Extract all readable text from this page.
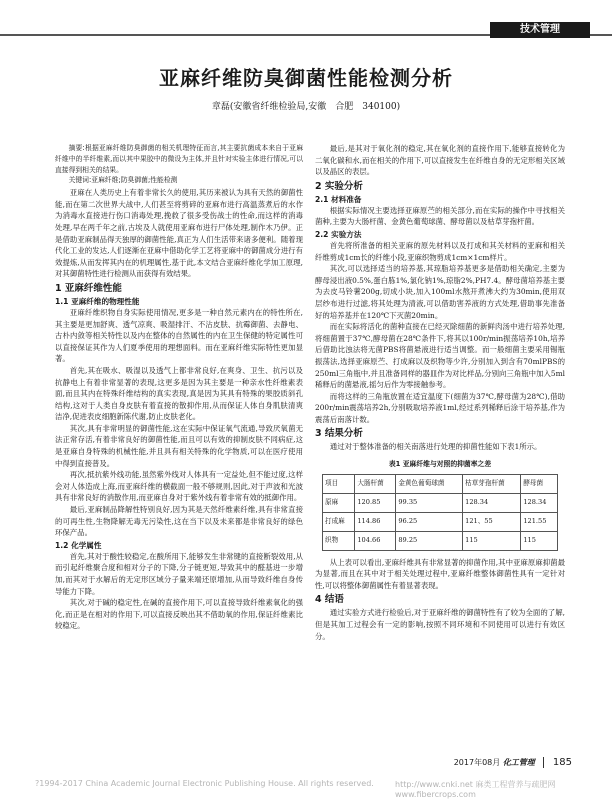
技术管理
亚麻纤维防臭御菌性能检测分析
章磊(安徽省纤维检验局,安徽　合肥　340100)

摘要:根据亚麻纤维防臭御菌的相关机理特征而言,其主要抗菌成本来自于亚麻纤维中的半纤维素,而以其中果胶中的微设为主体,并且针对实验主体进行情况,可以直接得到相关的结果。

关键词:亚麻纤维;防臭御菌;性能检测

亚麻在人类历史上有着非常长久的使用,其历来被认为具有天然的御菌性能,而在第二次世界大战中,人们甚至将剪碎的亚麻布进行高温蒸煮后的水作为消毒水直接进行伤口消毒处理,挽救了很多受伤战士的性命,而这样的消毒处理,早在两千年之前,古埃及人就使用亚麻布进行尸体处理,制作木乃伊。正是借助亚麻制品得天独厚的御菌性能,真正为人们生活带来诸多便利。随着现代化工业的发达,人们逐渐在亚麻中借助化学工艺将亚麻中的御菌成分进行有效提炼,从而发挥其内在的机理属性,基于此,本文结合亚麻纤维化学加工原理,对其御菌特性进行检测从而获得有效结果。

1 亚麻纤维性能
1.1 亚麻纤维的物理性能

亚麻纤维织物自身实际使用情况,更多是一种自然元素内在的特性所在,其主要是更加舒爽、透气凉爽、吸湿排汗、不沾皮肤、抗霉御菌、去静电、古朴内敛等相关特性以及内在整体的自然属性的内在卫生保健的特定属性可以直接保证其作为人们夏季使用的理想面料。而在亚麻纤维实际特性更加显著。

首先,其在吸水、吸湿以及透气上都非常良好,在爽身、卫生、抗污以及抗静电上有着非常显著的表现,这更多是因为其主要是一种亲水性纤维素表面,而且其内在特殊纤维结构的真实表现,真是因为其具有特殊的果胶质斜孔结构,这对于人类自身皮肤有着直接的散抑作用,从而保证人体自身肌肤清爽洁净,促进表皮细胞新陈代谢,防止皮肤老化。

其次,具有非常明显的御菌性能,这在实际中保证氧气流通,导致厌氧菌无法正常存活,有着非常良好的御菌性能,而且可以有效的抑制皮肤不同病症,这是亚麻自身特殊的机械性能,并且具有相关特殊的化学物质,可以在医疗使用中得到直接普及。

再次,抵抗紫外线功能,虽然紫外线对人体具有一定益处,但不能过度,这样会对人体造成上海,而亚麻纤维的横截面一般不够规则,因此,对于声波和光波具有非常良好的消散作用,而亚麻自身对于紫外线有着非常有效的抵御作用。

最后,亚麻制品降解性特别良好,因为其是天然纤维素纤维,具有非常直接的可再生性,生物降解无毒无污染性,这在当下以及未来都是非常良好的绿色环保产品。

1.2 化学属性

首先,其对于酸性较稳定,在酸所用下,能够发生非常键的直接断裂效用,从而引起纤维聚合度和相对分子的下降,分子链更短,导致其中的醛基进一步增加,而其对于水解后的无定形区域分子量来端还原增加,从而导致纤维自身传导能力下降。

其次,对于碱的稳定性,在碱的直接作用下,可以直接导致纤维素氧化的强化,而正是在相对的作用下,可以直接反映出其不借助氧的作用,保证纤维素比较稳定。

最后,是其对于氧化剂的稳定,其在氧化剂的直接作用下,能够直接转化为二氧化碳和水,而在相关的作用下,可以直接发生在纤维自身的无定形相关区域以及晶区的表层。

2 实验分析
2.1 材料准备

根据实际情况主要选择亚麻原苎的相关部分,而在实际的操作中寻找相关菌种,主要为大肠杆菌、金黄色葡萄球菌、酵母菌以及枯草芽孢杆菌。

2.2 实验方法

首先将所准备的相关亚麻的原先材料以及打成和其关材料的亚麻和相关纤维剪成1cm长的纤维小段,亚麻织物剪成1cm×1cm样片。

其次,可以选择适当的培养基,其琼脂培养基更多是借助相关确定,主要为酵母浸出液0.5%,蛋白胨1%,氯化钠1%,琼脂2%,PH7.4。酵母菌培养基主要为去皮马铃薯200g,切成小块,加入100ml水熬开煮沸大约为30min,使用双层纱布进行过滤,将其处理为清液,可以借助害养液的方式处理,借助事先准备好的培养基并在120℃下灭菌20min。

而在实际将活化的菌种直接在已经灭除细菌的新鲜肉汤中进行培养处理,将细菌置于37℃,酵母菌在28℃条件下,将其以100r/min振荡培养10h,培养后借助比浊法将无菌PBS将菌悬液进行适当调整。而一般细菌主要采用锡瓶振荡法,选择亚麻原苎、打成麻以及织物等少许,分别加入到含有70mlPBS的250ml三角瓶中,并且准备同样的器皿作为对比样品,分别向三角瓶中加入5ml稀释后的菌悬液,摇匀后作为零接触参考。

而将这样的三角瓶放置在适宜温度下(细菌为37℃,酵母菌为28℃),借助200r/min震荡培养2h,分别吸取培养液1ml,经过系列稀释后涂干培养基,作为震荡后南落计数。

3 结果分析

通过对于整体准备的相关南落进行处理的抑菌性能如下表1所示。

表1 亚麻纤维与对照的抑菌率之差
项目	大肠杆菌	金黄色葡萄球菌	枯草芽孢杆菌	酵母菌
原麻	120.85	99.35	128.34	128.34
打成麻	114.86	96.25	121、55	121.55
织物	104.66	89.25	115	115

从上表可以看出,亚麻纤维具有非常显著的抑菌作用,其中亚麻原麻抑菌最为显著,而且在其中对于相关处理过程中,亚麻纤维整体御菌性具有一定针对性,可以将整体御菌属性有着显著表现。

4 结语

通过实验方式进行检验后,对于亚麻纤维的御菌特性有了较为全面的了解,但是其加工过程会有一定的影响,按照不同环境和不同使用可以进行有效区分。

2017年08月 化工管理 185
?1994-2017 China Academic Journal Electronic Publishing House. All rights reserved.	http://www.cnki.net 麻类工程营养与疏肥网 www.fibercrops.com
